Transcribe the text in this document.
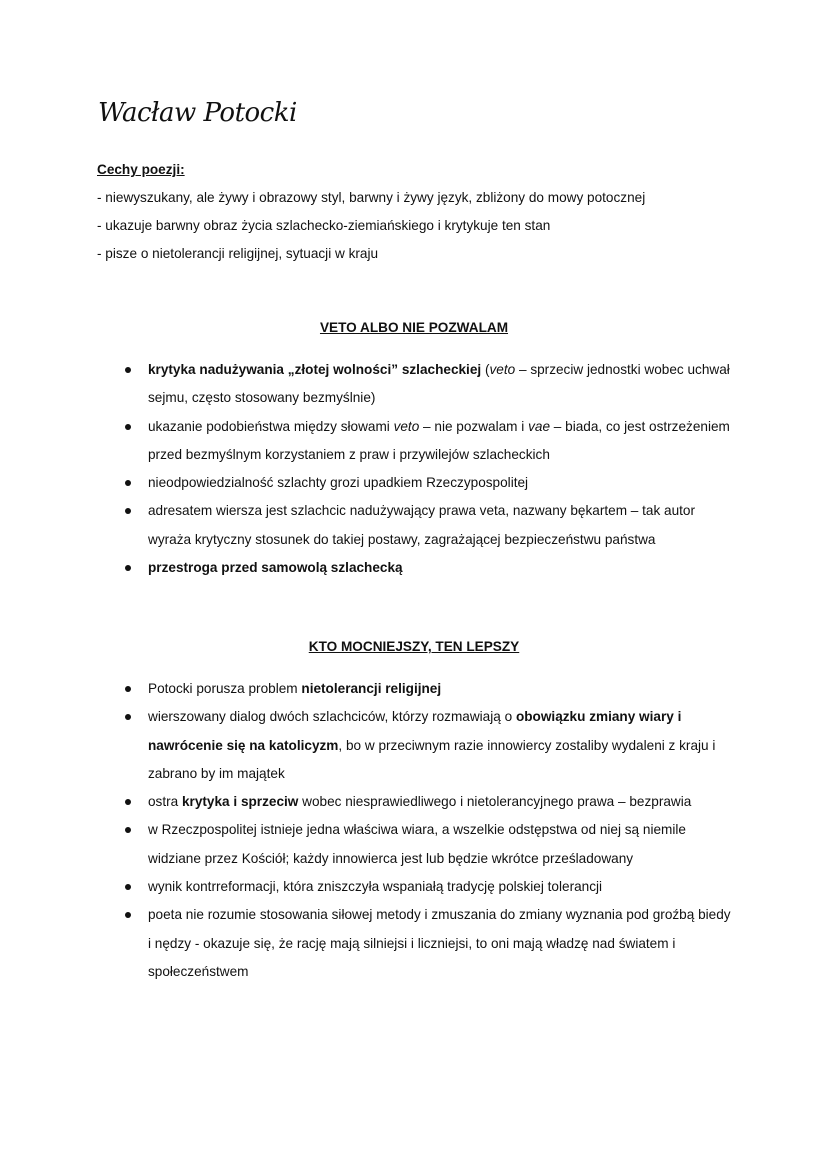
Wacław Potocki
Cechy poezji:
- niewyszukany, ale żywy i obrazowy styl, barwny i żywy język, zbliżony do mowy potocznej
- ukazuje barwny obraz życia szlachecko-ziemiańskiego i krytykuje ten stan
- pisze o nietolerancji religijnej, sytuacji w kraju
VETO ALBO NIE POZWALAM
krytyka nadużywania „złotej wolności” szlacheckiej (veto – sprzeciw jednostki wobec uchwał sejmu, często stosowany bezmyślnie)
ukazanie podobieństwa między słowami veto – nie pozwalam i vae – biada, co jest ostrzeżeniem przed bezmyślnym korzystaniem z praw i przywilejów szlacheckich
nieodpowiedzialność szlachty grozi upadkiem Rzeczypospolitej
adresatem wiersza jest szlachcic nadużywający prawa veta, nazwany bękartem – tak autor wyraża krytyczny stosunek do takiej postawy, zagrażającej bezpieczeństwu państwa
przestroga przed samowolą szlachecką
KTO MOCNIEJSZY, TEN LEPSZY
Potocki porusza problem nietolerancji religijnej
wierszowany dialog dwóch szlachciców, którzy rozmawiają o obowiązku zmiany wiary i nawrócenie się na katolicyzm, bo w przeciwnym razie innowiercy zostaliby wydaleni z kraju i zabrano by im majątek
ostra krytyka i sprzeciw wobec niesprawiedliwego i nietolerancyjnego prawa – bezprawia
w Rzeczpospolitej istnieje jedna właściwa wiara, a wszelkie odstępstwa od niej są niemile widziane przez Kościół; każdy innowierca jest lub będzie wkrótce prześladowany
wynik kontrreformacji, która zniszczyła wspaniałą tradycję polskiej tolerancji
poeta nie rozumie stosowania siłowej metody i zmuszania do zmiany wyznania pod groźbą biedy i nędzy - okazuje się, że rację mają silniejsi i liczniejsi, to oni mają władzę nad światem i społeczeństwem
